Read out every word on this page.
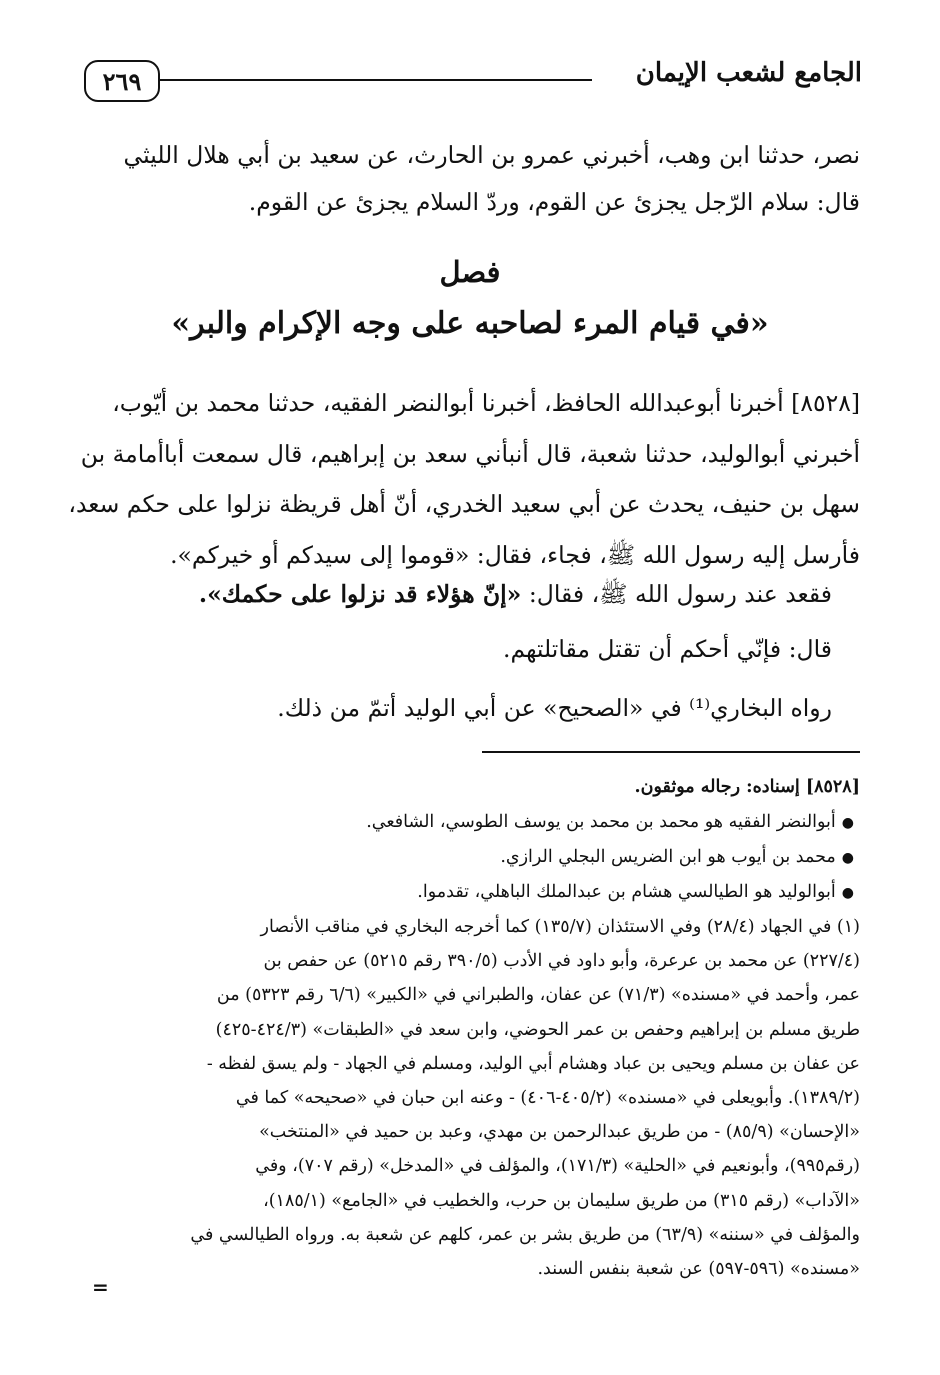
الجامع لشعب الإيمان
٢٦٩
نصر، حدثنا ابن وهب، أخبرني عمرو بن الحارث، عن سعيد بن أبي هلال الليثي
قال: سلام الرّجل يجزئ عن القوم، وردّ السلام يجزئ عن القوم.
فصل
«في قيام المرء لصاحبه على وجه الإكرام والبر»
[٨٥٢٨] أخبرنا أبوعبدالله الحافظ، أخبرنا أبوالنضر الفقيه، حدثنا محمد بن أيّوب،
أخبرني أبوالوليد، حدثنا شعبة، قال أنبأني سعد بن إبراهيم، قال سمعت أباأمامة بن
سهل بن حنيف، يحدث عن أبي سعيد الخدري، أنّ أهل قريظة نزلوا على حكم سعد،
فأرسل إليه رسول الله ﷺ، فجاء، فقال: «قوموا إلى سيدكم أو خيركم».
فقعد عند رسول الله ﷺ، فقال: «إنّ هؤلاء قد نزلوا على حكمك».
قال: فإنّي أحكم أن تقتل مقاتلتهم.
رواه البخاري⁽¹⁾ في «الصحيح» عن أبي الوليد أتمّ من ذلك.
[٨٥٢٨] إسناده: رجاله موثقون.
●أبوالنضر الفقيه هو محمد بن محمد بن يوسف الطوسي، الشافعي.
●محمد بن أيوب هو ابن الضريس البجلي الرازي.
●أبوالوليد هو الطيالسي هشام بن عبدالملك الباهلي، تقدموا.
(١) في الجهاد (٢٨/٤) وفي الاستئذان (١٣٥/٧) كما أخرجه البخاري في مناقب الأنصار
(٢٢٧/٤) عن محمد بن عرعرة، وأبو داود في الأدب (٣٩٠/٥ رقم ٥٢١٥) عن حفص بن
عمر، وأحمد في «مسنده» (٧١/٣) عن عفان، والطبراني في «الكبير» (٦/٦ رقم ٥٣٢٣) من
طريق مسلم بن إبراهيم وحفص بن عمر الحوضي، وابن سعد في «الطبقات» (٤٢٤/٣-٤٢٥)
عن عفان بن مسلم ويحيى بن عباد وهشام أبي الوليد، ومسلم في الجهاد - ولم يسق لفظه -
(١٣٨٩/٢). وأبويعلى في «مسنده» (٤٠٥/٢-٤٠٦) - وعنه ابن حبان في «صحيحه» كما في
«الإحسان» (٨٥/٩) - من طريق عبدالرحمن بن مهدي، وعبد بن حميد في «المنتخب»
(رقم٩٩٥)، وأبونعيم في «الحلية» (١٧١/٣)، والمؤلف في «المدخل» (رقم ٧٠٧)، وفي
«الآداب» (رقم ٣١٥) من طريق سليمان بن حرب، والخطيب في «الجامع» (١٨٥/١)،
والمؤلف في «سننه» (٦٣/٩) من طريق بشر بن عمر، كلهم عن شعبة به. ورواه الطيالسي في
«مسنده» (٥٩٦-٥٩٧) عن شعبة بنفس السند.
=
